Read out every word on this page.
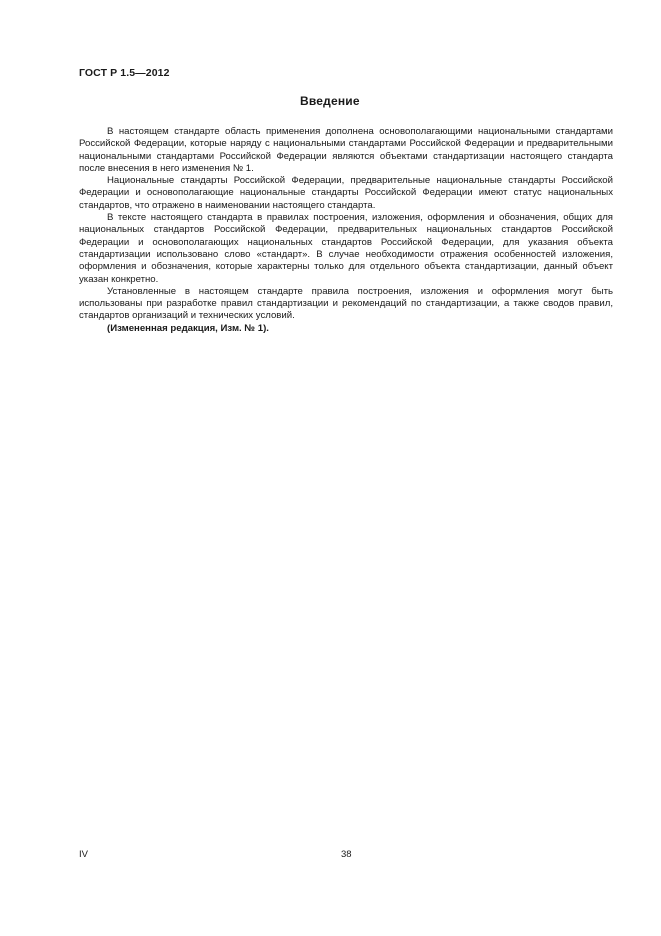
ГОСТ Р 1.5—2012
Введение

В настоящем стандарте область применения дополнена основополагающими национальными стандартами Российской Федерации, которые наряду с национальными стандартами Российской Федерации и предварительными национальными стандартами Российской Федерации являются объектами стандартизации настоящего стандарта после внесения в него изменения № 1.

Национальные стандарты Российской Федерации, предварительные национальные стандарты Российской Федерации и основополагающие национальные стандарты Российской Федерации имеют статус национальных стандартов, что отражено в наименовании настоящего стандарта.

В тексте настоящего стандарта в правилах построения, изложения, оформления и обозначения, общих для национальных стандартов Российской Федерации, предварительных национальных стандартов Российской Федерации и основополагающих национальных стандартов Российской Федерации, для указания объекта стандартизации использовано слово «стандарт». В случае необходимости отражения особенностей изложения, оформления и обозначения, которые характерны только для отдельного объекта стандартизации, данный объект указан конкретно.

Установленные в настоящем стандарте правила построения, изложения и оформления могут быть использованы при разработке правил стандартизации и рекомендаций по стандартизации, а также сводов правил, стандартов организаций и технических условий.

(Измененная редакция, Изм. № 1).

IV	38
